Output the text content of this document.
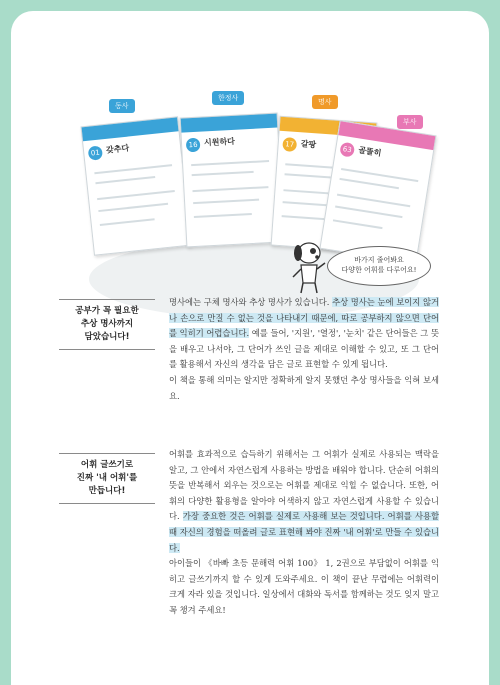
01 갖추다	16 시원하다	17 갈팡
63 골똘히
동사
한정사	명사
부사
바가지 줄어봐요
다양한 어휘를 다루어요!
공부가 꼭 필요한
추상 명사까지
담았습니다!

명사에는 구체 명사와 추상 명사가 있습니다. 추상 명사는 눈에 보이지 않거나 손으로 만질 수 없는 것을 나타내기 때문에, 따로 공부하지 않으면 단어를 익히기 어렵습니다. 예를 들어, '지원', '열정', '눈치' 같은 단어들은 그 뜻을 배우고 나서야, 그 단어가 쓰인 글을 제대로 이해할 수 있고, 또 그 단어를 활용해서 자신의 생각을 담은 글로 표현할 수 있게 됩니다.

이 책을 통해 의미는 알지만 정확하게 알지 못했던 추상 명사들을 익혀 보세요.

어휘 글쓰기로
진짜 '내 어휘'를
만듭니다!

어휘를 효과적으로 습득하기 위해서는 그 어휘가 실제로 사용되는 맥락을 알고, 그 안에서 자연스럽게 사용하는 방법을 배워야 합니다. 단순히 어휘의 뜻을 반복해서 외우는 것으로는 어휘를 제대로 익힐 수 없습니다. 또한, 어휘의 다양한 활용형을 알아야 어색하지 않고 자연스럽게 사용할 수 있습니다. 가장 중요한 것은 어휘를 실제로 사용해 보는 것입니다. 어휘를 사용할 때 자신의 경험을 떠올려 글로 표현해 봐야 진짜 '내 어휘'로 만들 수 있습니다.

아이들이 《바빠 초등 문해력 어휘 100》 1, 2권으로 부담없이 어휘를 익히고 글쓰기까지 할 수 있게 도와주세요. 이 책이 끝난 무렵에는 어휘력이 크게 자라 있을 것입니다. 일상에서 대화와 독서를 함께하는 것도 잊지 말고 꼭 챙겨 주세요!
